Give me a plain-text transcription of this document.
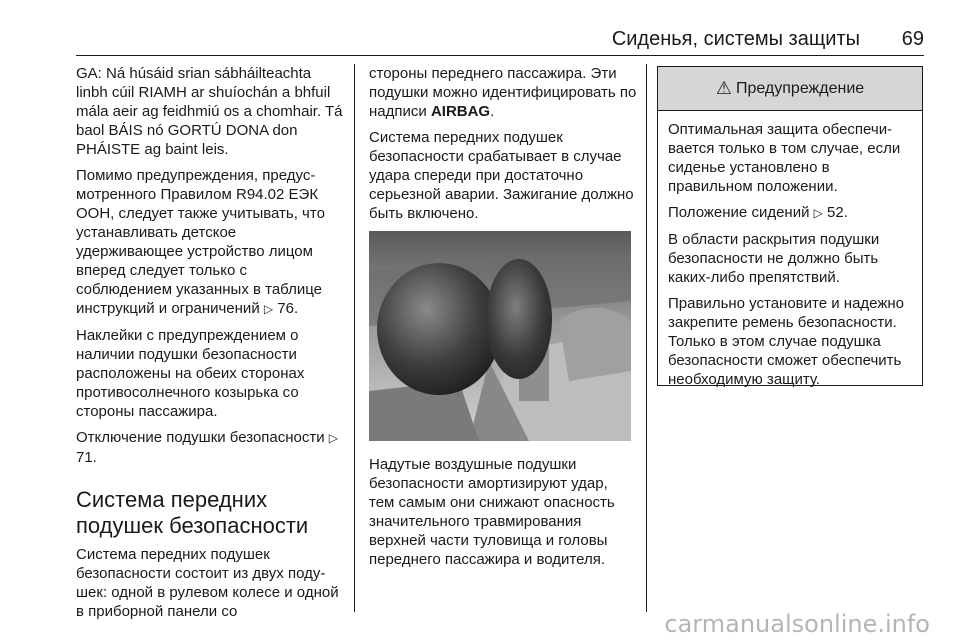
Сиденья, системы защиты 69

GA: Ná húsáid srian sábháilteachta linbh cúil RIAMH ar shuíochán a bhfuil mála aeir ag feidhmiú os a chomhair. Tá baol BÁIS nó GORTÚ DONA don PHÁISTE ag baint leis.

Помимо предупреждения, предусмотренного Правилом R94.02 ЕЭК ООН, следует также учитывать, что устанавливать детское удерживающее устройство лицом вперед следует только с соблюдением указанных в таблице инструкций и ограничений ▷ 76.

Наклейки с предупреждением о наличии подушки безопасности расположены на обеих сторонах противосолнечного козырька со стороны пассажира.

Отключение подушки безопасности ▷ 71.

Система передних подушек безопасности

Система передних подушек безопасности состоит из двух подушек: одной в рулевом колесе и одной в приборной панели со

стороны переднего пассажира. Эти подушки можно идентифицировать по надписи AIRBAG.

Система передних подушек безопасности срабатывает в случае удара спереди при достаточно серьезной аварии. Зажигание должно быть включено.

Надутые воздушные подушки безопасности амортизируют удар, тем самым они снижают опасность значительного травмирования верхней части туловища и головы переднего пассажира и водителя.

⚠ Предупреждение

Оптимальная защита обеспечивается только в том случае, если сиденье установлено в правильном положении.

Положение сидений ▷ 52.

В области раскрытия подушки безопасности не должно быть каких-либо препятствий.

Правильно установите и надежно закрепите ремень безопасности. Только в этом случае подушка безопасности сможет обеспечить необходимую защиту.

carmanualsonline.info
